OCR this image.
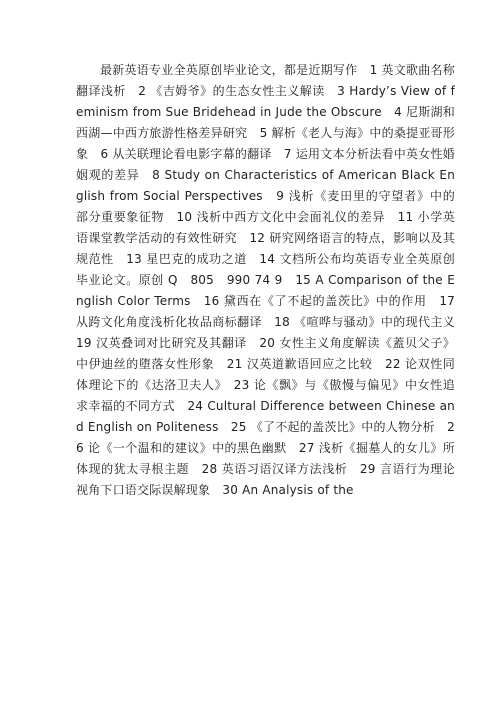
最新英语专业全英原创毕业论文，都是近期写作　1 英文歌曲名称翻译浅析　2 《吉姆爷》的生态女性主义解读　3 Hardy’s View of feminism from Sue Bridehead in Jude the Obscure　4 尼斯湖和西湖—中西方旅游性格差异研究　5 解析《老人与海》中的桑提亚哥形象　6 从关联理论看电影字幕的翻译　7 运用文本分析法看中英女性婚姻观的差异　8 Study on Characteristics of American Black English from Social Perspectives　9 浅析《麦田里的守望者》中的部分重要象征物　10 浅析中西方文化中会面礼仪的差异　11 小学英语课堂教学活动的有效性研究　12 研究网络语言的特点，影响以及其规范性　13 星巴克的成功之道　14 文档所公布均英语专业全英原创毕业论文。原创 Q　805　990 74 9　15 A Comparison of the English Color Terms　16 黛西在《了不起的盖茨比》中的作用　17 从跨文化角度浅析化妆品商标翻译　18 《喧哗与骚动》中的现代主义　19 汉英叠词对比研究及其翻译　20 女性主义角度解读《蓋贝父子》中伊迪丝的堕落女性形象　21 汉英道歉语回应之比较　22 论双性同体理论下的《达洛卫夫人》　23 论《飘》与《傲慢与偏见》中女性追求幸福的不同方式　24 Cultural Difference between Chinese and English on Politeness　25 《了不起的盖茨比》中的人物分析　26 论《一个温和的建议》中的黑色幽默　27 浅析《掘墓人的女儿》所体现的犹太寻根主题　28 英语习语汉译方法浅析　29 言语行为理论视角下口语交际误解现象　30 An Analysis of the
